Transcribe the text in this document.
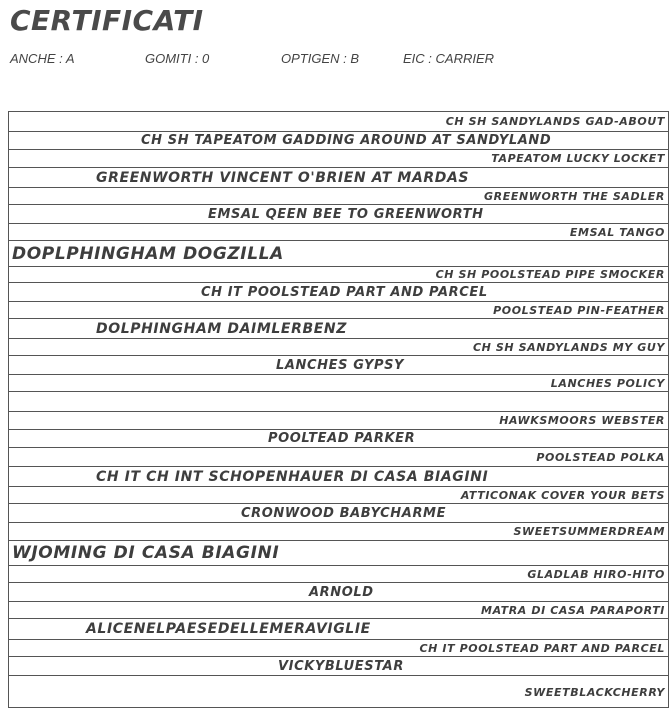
CERTIFICATI
ANCHE : A	GOMITI : 0	OPTIGEN : B	EIC : CARRIER
CH SH SANDYLANDS GAD-ABOUT
CH SH TAPEATOM GADDING AROUND AT SANDYLAND
TAPEATOM LUCKY LOCKET
GREENWORTH VINCENT O'BRIEN AT MARDAS
GREENWORTH THE SADLER
EMSAL QEEN BEE TO GREENWORTH
EMSAL TANGO
DOPLPHINGHAM DOGZILLA
CH SH POOLSTEAD PIPE SMOCKER
CH IT POOLSTEAD PART AND PARCEL
POOLSTEAD PIN-FEATHER
DOLPHINGHAM DAIMLERBENZ
CH SH SANDYLANDS MY GUY
LANCHES GYPSY
LANCHES POLICY
HAWKSMOORS WEBSTER
POOLTEAD PARKER
POOLSTEAD POLKA
CH IT CH INT SCHOPENHAUER DI CASA BIAGINI
ATTICONAK COVER YOUR BETS
CRONWOOD BABYCHARME
SWEETSUMMERDREAM
WJOMING DI CASA BIAGINI
GLADLAB HIRO-HITO
ARNOLD
MATRA DI CASA PARAPORTI
ALICENELPAESEDELLEMERAVIGLIE
CH IT POOLSTEAD PART AND PARCEL
VICKYBLUESTAR
SWEETBLACKCHERRY
